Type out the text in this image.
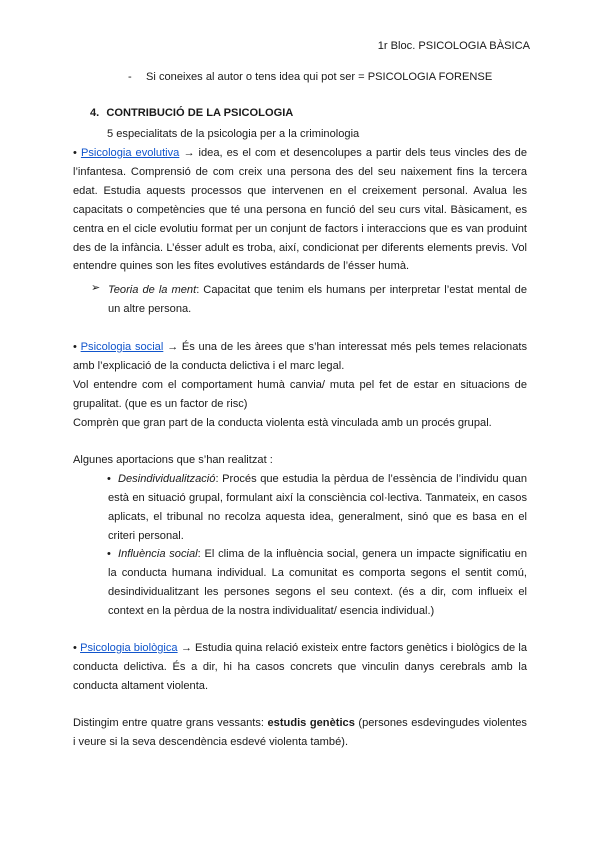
1r Bloc. PSICOLOGIA BÀSICA
- Si coneixes al autor o tens idea qui pot ser = PSICOLOGIA FORENSE
4. CONTRIBUCIÓ DE LA PSICOLOGIA
5 especialitats de la psicologia per a la criminologia
• Psicologia evolutiva → idea, es el com et desencolupes a partir dels teus vincles des de l’infantesa. Comprensió de com creix una persona des del seu naixement fins la tercera edat. Estudia aquests processos que intervenen en el creixement personal. Avalua les capacitats o competències que té una persona en funció del seu curs vital. Bàsicament, es centra en el cicle evolutiu format per un conjunt de factors i interaccions que es van produint des de la infància. L’ésser adult es troba, així, condicionat per diferents elements previs. Vol entendre quines son les fites evolutives estándards de l’ésser humà.
➢ Teoria de la ment: Capacitat que tenim els humans per interpretar l’estat mental de un altre persona.
• Psicologia social → És una de les àrees que s’han interessat més pels temes relacionats amb l’explicació de la conducta delictiva i el marc legal.
Vol entendre com el comportament humà canvia/ muta pel fet de estar en situacions de grupalitat. (que es un factor de risc)
Comprèn que gran part de la conducta violenta està vinculada amb un procés grupal.
Algunes aportacions que s’han realitzat :
• Desindividualització: Procés que estudia la pèrdua de l’essència de l’individu quan està en situació grupal, formulant així la consciència col·lectiva. Tanmateix, en casos aplicats, el tribunal no recolza aquesta idea, generalment, sinó que es basa en el criteri personal.
• Influència social: El clima de la influència social, genera un impacte significatiu en la conducta humana individual. La comunitat es comporta segons el sentit comú, desindividualitzant les persones segons el seu context. (és a dir, com influeix el context en la pèrdua de la nostra individualitat/ esencia individual.)
• Psicologia biològica → Estudia quina relació existeix entre factors genètics i biològics de la conducta delictiva. És a dir, hi ha casos concrets que vinculin danys cerebrals amb la conducta altament violenta.
Distingim entre quatre grans vessants: estudis genètics (persones esdevingudes violentes i veure si la seva descendència esdevé violenta també).
